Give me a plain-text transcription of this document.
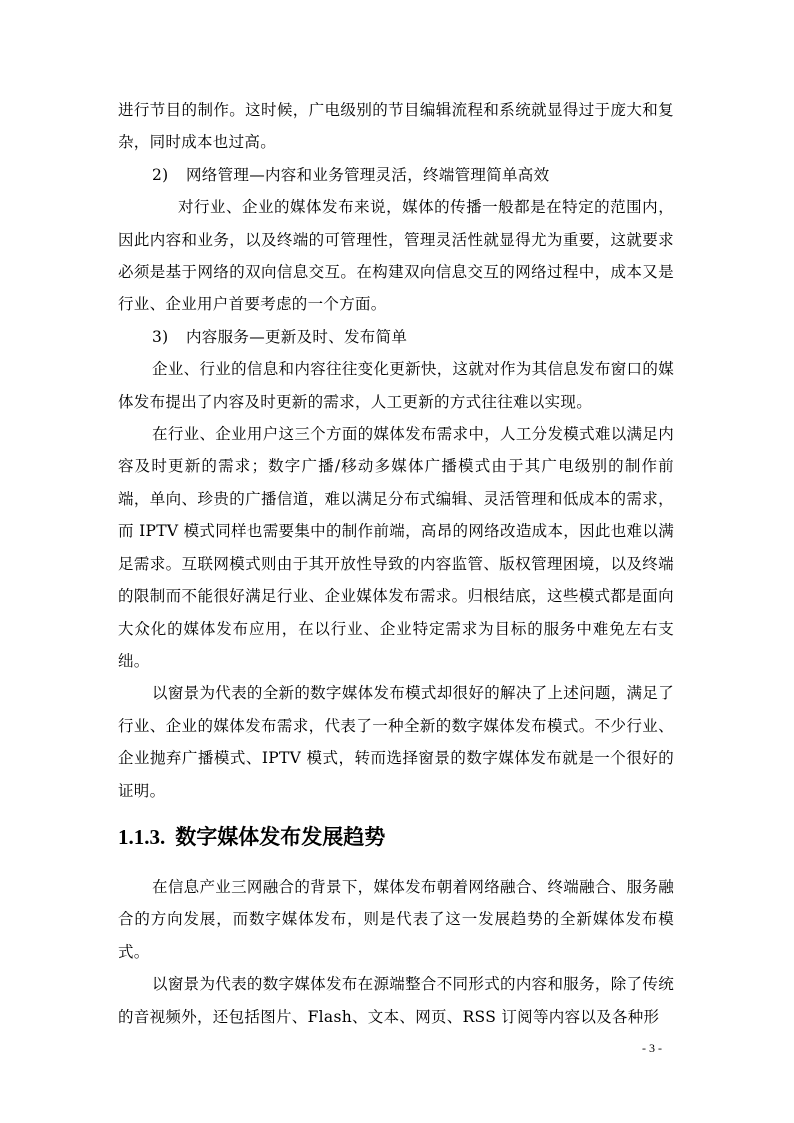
进行节目的制作。这时候，广电级别的节目编辑流程和系统就显得过于庞大和复杂，同时成本也过高。

2) 网络管理—内容和业务管理灵活，终端管理简单高效

对行业、企业的媒体发布来说，媒体的传播一般都是在特定的范围内，因此内容和业务，以及终端的可管理性，管理灵活性就显得尤为重要，这就要求必须是基于网络的双向信息交互。在构建双向信息交互的网络过程中，成本又是行业、企业用户首要考虑的一个方面。

3) 内容服务—更新及时、发布简单

企业、行业的信息和内容往往变化更新快，这就对作为其信息发布窗口的媒体发布提出了内容及时更新的需求，人工更新的方式往往难以实现。

在行业、企业用户这三个方面的媒体发布需求中，人工分发模式难以满足内容及时更新的需求；数字广播/移动多媒体广播模式由于其广电级别的制作前端，单向、珍贵的广播信道，难以满足分布式编辑、灵活管理和低成本的需求，而 IPTV 模式同样也需要集中的制作前端，高昂的网络改造成本，因此也难以满足需求。互联网模式则由于其开放性导致的内容监管、版权管理困境，以及终端的限制而不能很好满足行业、企业媒体发布需求。归根结底，这些模式都是面向大众化的媒体发布应用，在以行业、企业特定需求为目标的服务中难免左右支绌。

以窗景为代表的全新的数字媒体发布模式却很好的解决了上述问题，满足了行业、企业的媒体发布需求，代表了一种全新的数字媒体发布模式。不少行业、企业抛弃广播模式、IPTV 模式，转而选择窗景的数字媒体发布就是一个很好的证明。

1.1.3. 数字媒体发布发展趋势

在信息产业三网融合的背景下，媒体发布朝着网络融合、终端融合、服务融合的方向发展，而数字媒体发布，则是代表了这一发展趋势的全新媒体发布模式。

以窗景为代表的数字媒体发布在源端整合不同形式的内容和服务，除了传统的音视频外，还包括图片、Flash、文本、网页、RSS 订阅等内容以及各种形

- 3 -
